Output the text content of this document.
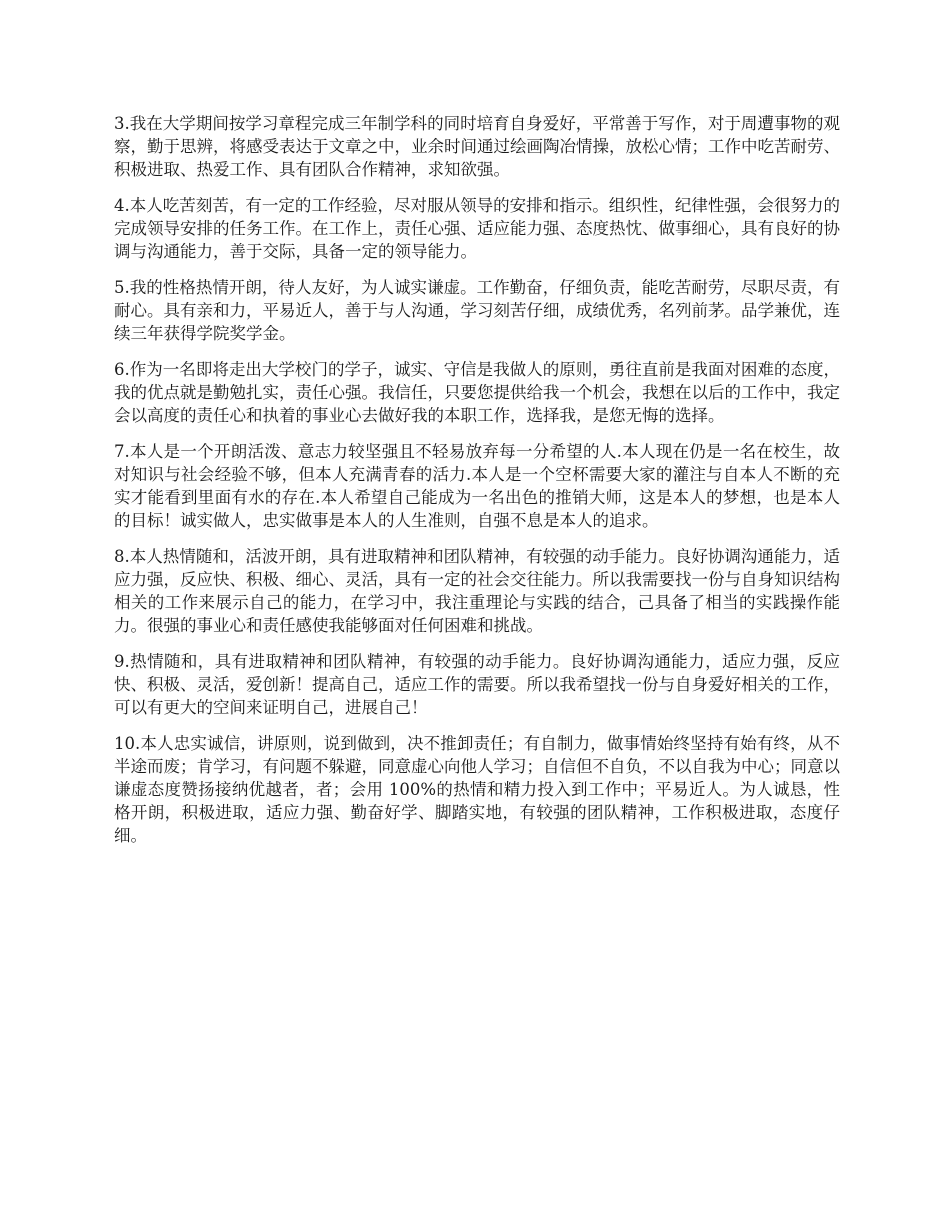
3.我在大学期间按学习章程完成三年制学科的同时培育自身爱好，平常善于写作，对于周遭事物的观察，勤于思辨，将感受表达于文章之中，业余时间通过绘画陶冶情操，放松心情；工作中吃苦耐劳、积极进取、热爱工作、具有团队合作精神，求知欲强。

4.本人吃苦刻苦，有一定的工作经验，尽对服从领导的安排和指示。组织性，纪律性强，会很努力的完成领导安排的任务工作。在工作上，责任心强、适应能力强、态度热忱、做事细心，具有良好的协调与沟通能力，善于交际，具备一定的领导能力。

5.我的性格热情开朗，待人友好，为人诚实谦虚。工作勤奋，仔细负责，能吃苦耐劳，尽职尽责，有耐心。具有亲和力，平易近人，善于与人沟通，学习刻苦仔细，成绩优秀，名列前茅。品学兼优，连续三年获得学院奖学金。

6.作为一名即将走出大学校门的学子，诚实、守信是我做人的原则，勇往直前是我面对困难的态度，我的优点就是勤勉扎实，责任心强。我信任，只要您提供给我一个机会，我想在以后的工作中，我定会以高度的责任心和执着的事业心去做好我的本职工作，选择我，是您无悔的选择。

7.本人是一个开朗活泼、意志力较坚强且不轻易放弃每一分希望的人.本人现在仍是一名在校生，故对知识与社会经验不够，但本人充满青春的活力.本人是一个空杯需要大家的灌注与自本人不断的充实才能看到里面有水的存在.本人希望自己能成为一名出色的推销大师，这是本人的梦想，也是本人的目标！诚实做人，忠实做事是本人的人生准则，自强不息是本人的追求。

8.本人热情随和，活波开朗，具有进取精神和团队精神，有较强的动手能力。良好协调沟通能力，适应力强，反应快、积极、细心、灵活，具有一定的社会交往能力。所以我需要找一份与自身知识结构相关的工作来展示自己的能力，在学习中，我注重理论与实践的结合，己具备了相当的实践操作能力。很强的事业心和责任感使我能够面对任何困难和挑战。

9.热情随和，具有进取精神和团队精神，有较强的动手能力。良好协调沟通能力，适应力强，反应快、积极、灵活，爱创新！提高自己，适应工作的需要。所以我希望找一份与自身爱好相关的工作，可以有更大的空间来证明自己，进展自己！

10.本人忠实诚信，讲原则，说到做到，决不推卸责任；有自制力，做事情始终坚持有始有终，从不半途而废；肯学习，有问题不躲避，同意虚心向他人学习；自信但不自负，不以自我为中心；同意以谦虚态度赞扬接纳优越者，者；会用 100%的热情和精力投入到工作中；平易近人。为人诚恳，性格开朗，积极进取，适应力强、勤奋好学、脚踏实地，有较强的团队精神，工作积极进取，态度仔细。
